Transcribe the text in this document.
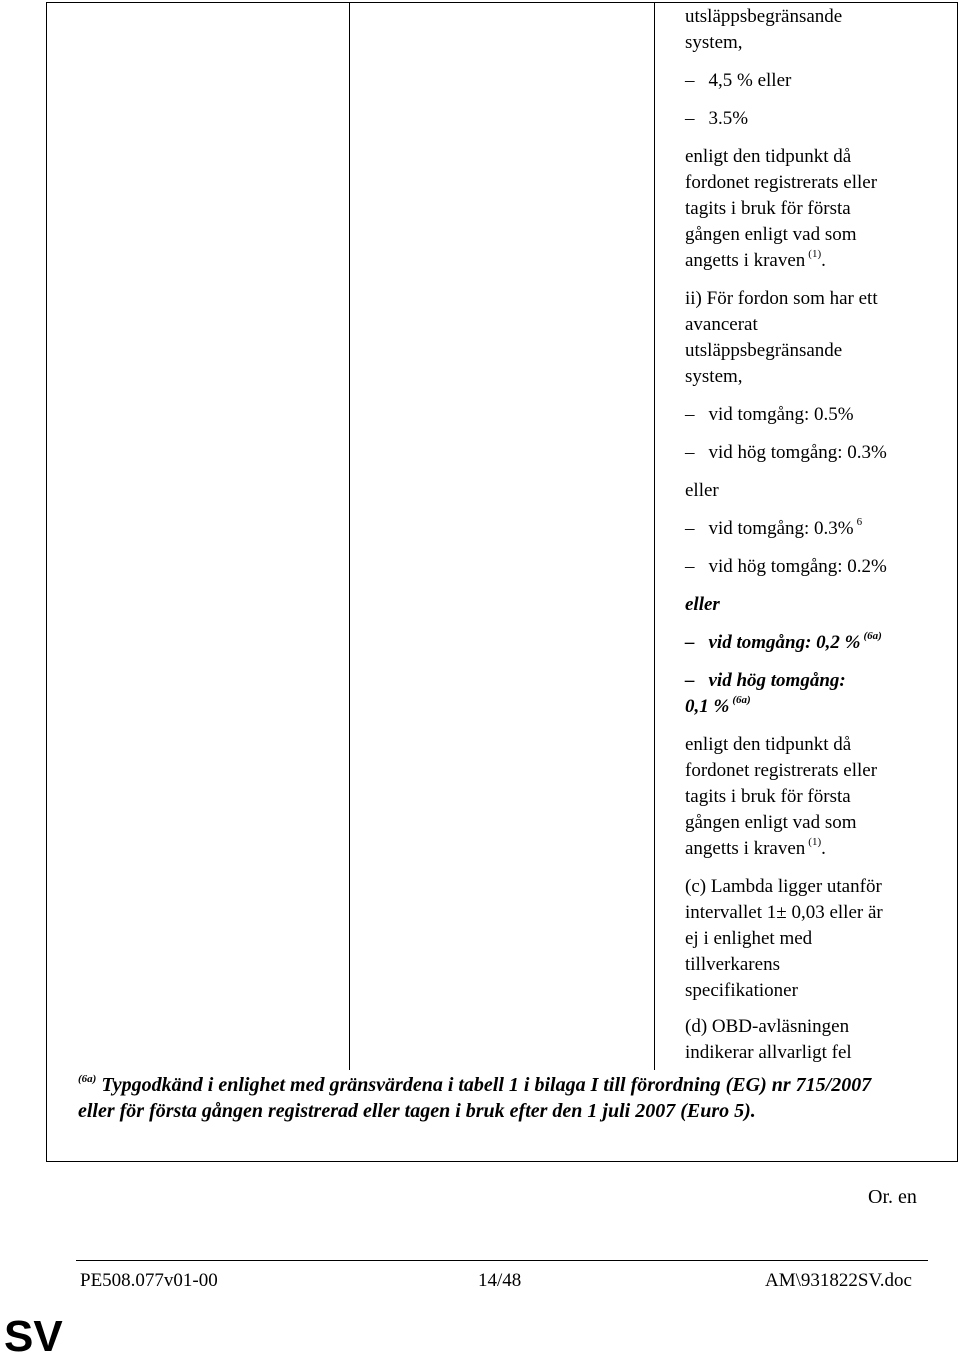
utsläppsbegränsande
system,
– 4,5 % eller
– 3.5%
enligt den tidpunkt då
fordonet registrerats eller
tagits i bruk för första
gången enligt vad som
angetts i kraven $^{(1)}$.
ii) För fordon som har ett
avancerat
utsläppsbegränsande
system,
– vid tomgång: 0.5%
– vid hög tomgång: 0.3%
eller
– vid tomgång: 0.3% $^6$
– vid hög tomgång: 0.2%
eller
– vid tomgång: 0,2 % $^{(6a)}$
– vid hög tomgång:
0,1 % $^{(6a)}$
enligt den tidpunkt då
fordonet registrerats eller
tagits i bruk för första
gången enligt vad som
angetts i kraven $^{(1)}$.
(c) Lambda ligger utanför
intervallet 1± 0,03 eller är
ej i enlighet med
tillverkarens
specifikationer
(d) OBD-avläsningen
indikerar allvarligt fel
$^{(6a)}$ Typgodkänd i enlighet med gränsvärdena i tabell 1 i bilaga I till förordning (EG) nr 715/2007 eller för första gången registrerad eller tagen i bruk efter den 1 juli 2007 (Euro 5).
Or. en
PE508.077v01-00	14/48	AM\931822SV.doc
SV
